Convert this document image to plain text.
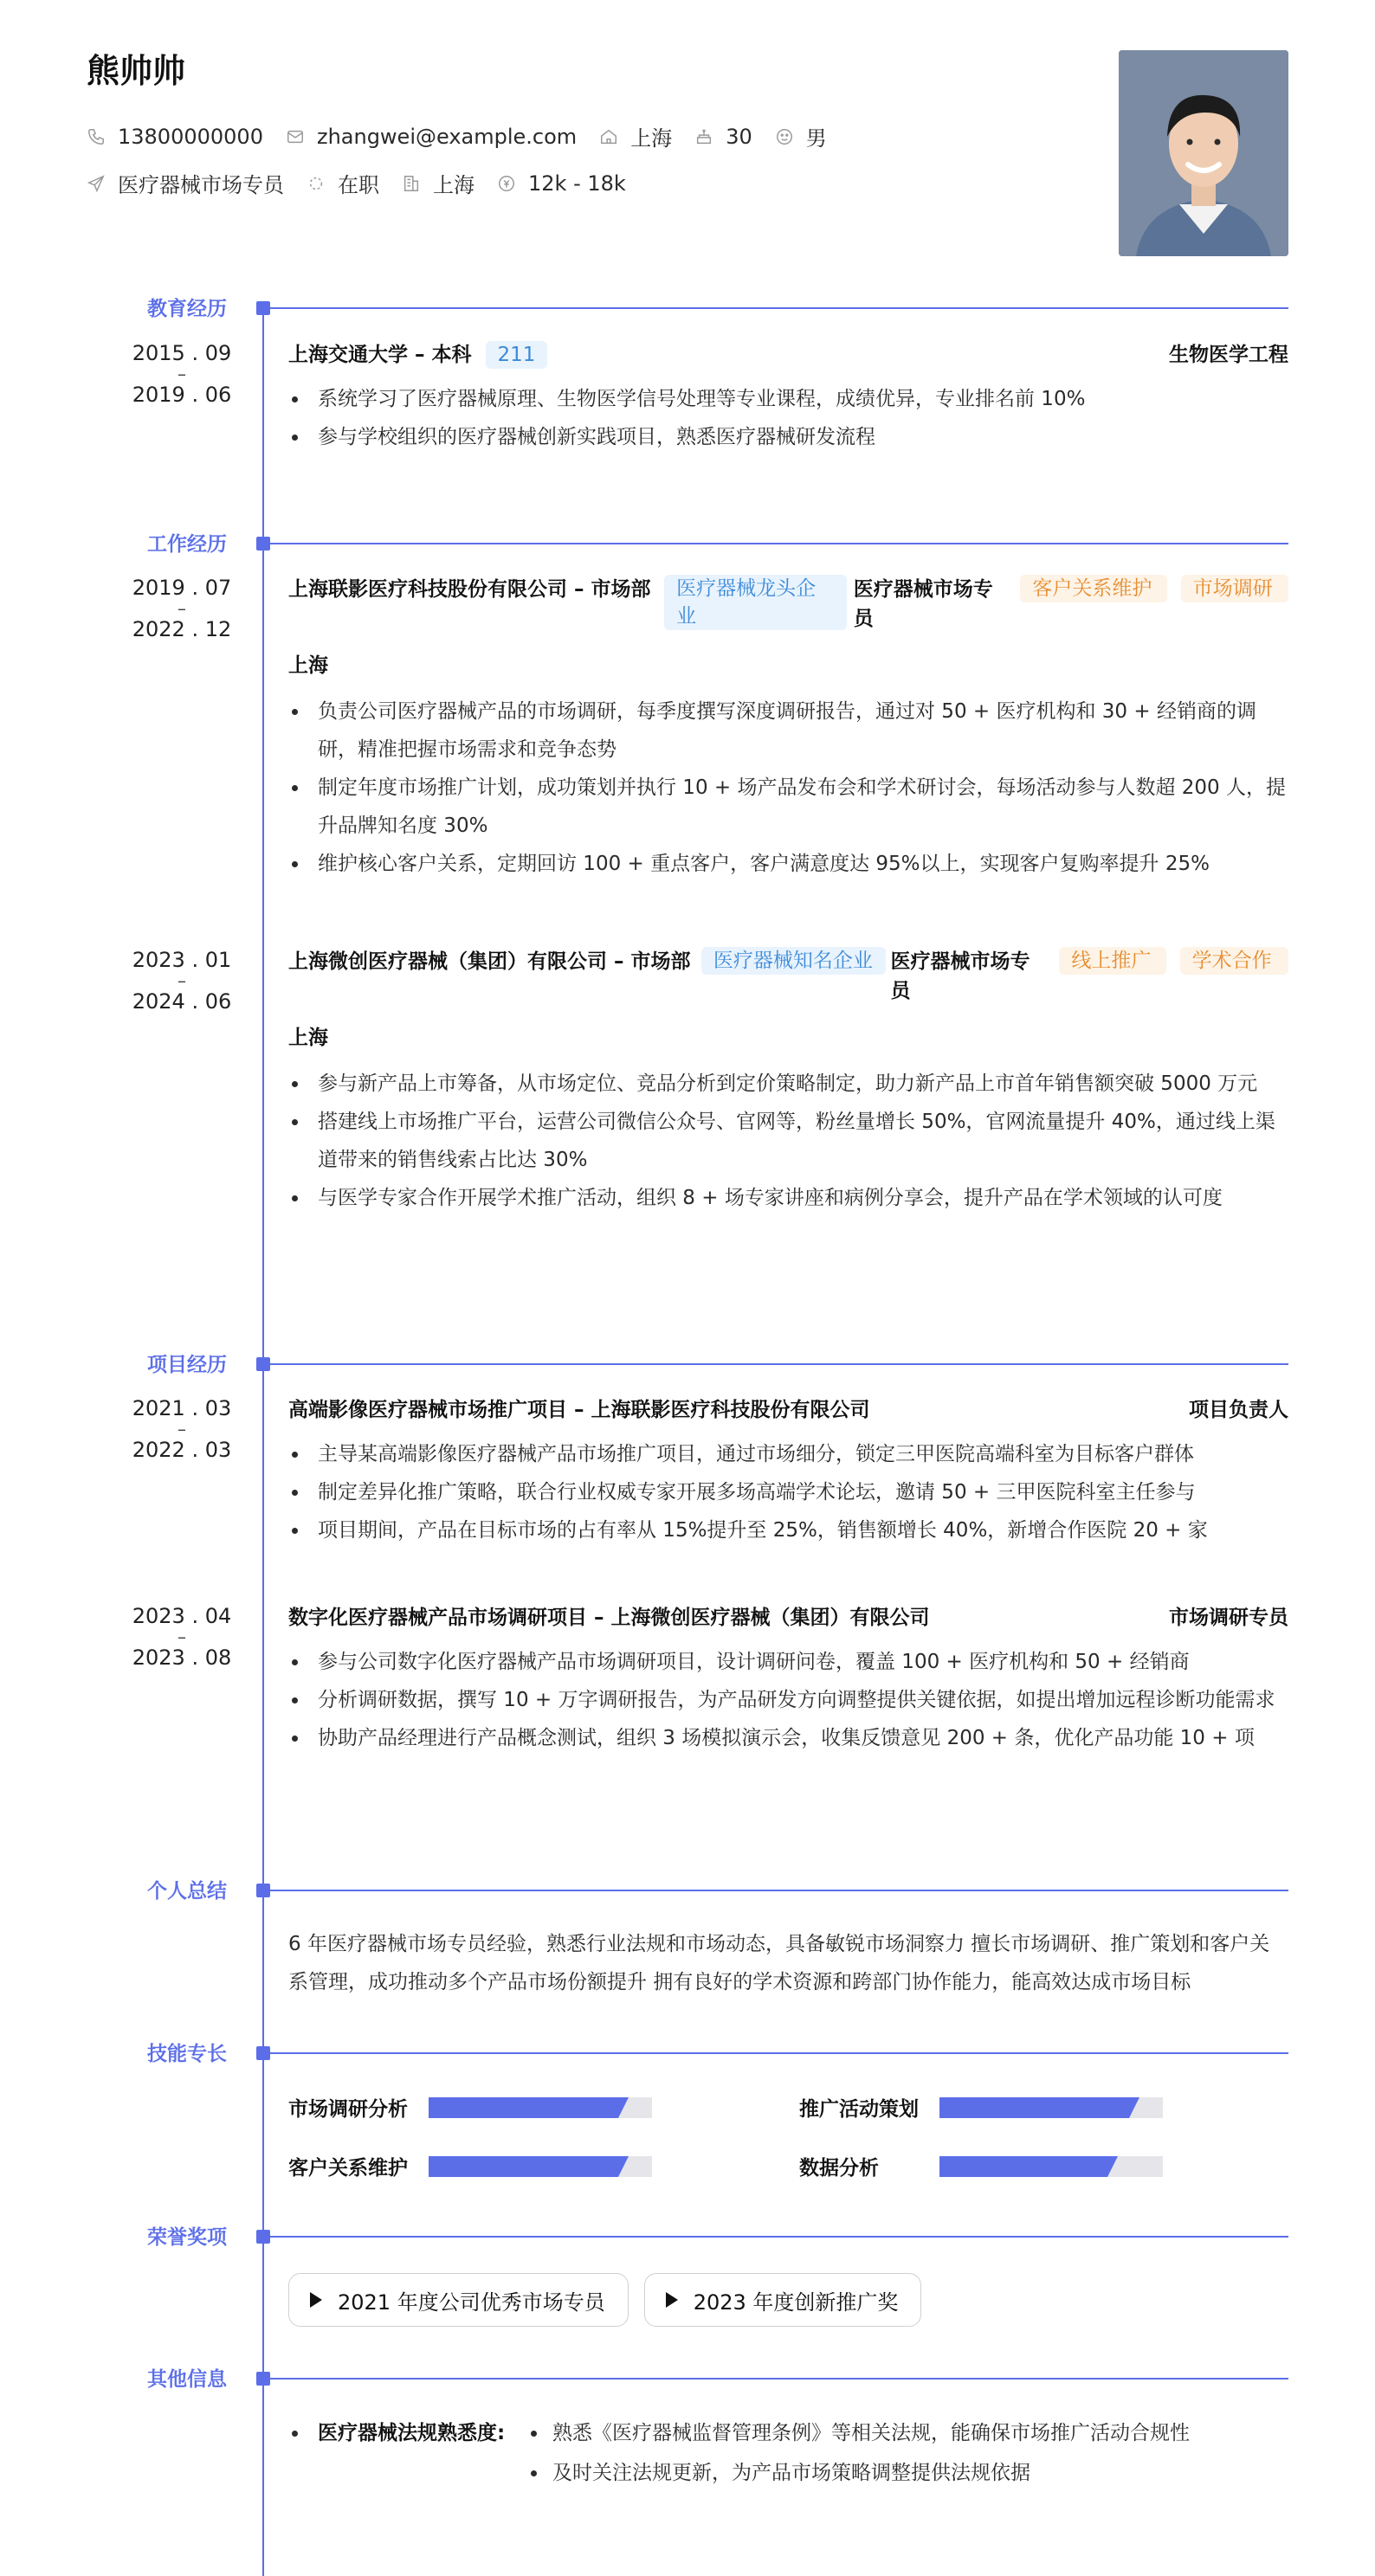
熊帅帅
13800000000	zhangwei@example.com	上海	30	男
医疗器械市场专员	在职	上海	12k - 18k
教育经历
2015 . 09
–
2019 . 06
上海交通大学 – 本科	211	生物医学工程
系统学习了医疗器械原理、生物医学信号处理等专业课程，成绩优异，专业排名前 10%
参与学校组织的医疗器械创新实践项目，熟悉医疗器械研发流程
工作经历
2019 . 07
–
2022 . 12
上海联影医疗科技股份有限公司 – 市场部	医疗器械龙头企业
医疗器械市场专员
客户关系维护	市场调研
上海
负责公司医疗器械产品的市场调研，每季度撰写深度调研报告，通过对 50 + 医疗机构和 30 + 经销商的调研，精准把握市场需求和竞争态势
制定年度市场推广计划，成功策划并执行 10 + 场产品发布会和学术研讨会，每场活动参与人数超 200 人，提升品牌知名度 30%
维护核心客户关系，定期回访 100 + 重点客户，客户满意度达 95%以上，实现客户复购率提升 25%
2023 . 01
–
2024 . 06
上海微创医疗器械（集团）有限公司 – 市场部	医疗器械知名企业 医疗器械市场专员
线上推广	学术合作
上海
参与新产品上市筹备，从市场定位、竞品分析到定价策略制定，助力新产品上市首年销售额突破 5000 万元
搭建线上市场推广平台，运营公司微信公众号、官网等，粉丝量增长 50%，官网流量提升 40%，通过线上渠道带来的销售线索占比达 30%
与医学专家合作开展学术推广活动，组织 8 + 场专家讲座和病例分享会，提升产品在学术领域的认可度
项目经历
2021 . 03
–
2022 . 03
高端影像医疗器械市场推广项目 – 上海联影医疗科技股份有限公司	项目负责人
主导某高端影像医疗器械产品市场推广项目，通过市场细分，锁定三甲医院高端科室为目标客户群体
制定差异化推广策略，联合行业权威专家开展多场高端学术论坛，邀请 50 + 三甲医院科室主任参与
项目期间，产品在目标市场的占有率从 15%提升至 25%，销售额增长 40%，新增合作医院 20 + 家
2023 . 04
–
2023 . 08
数字化医疗器械产品市场调研项目 – 上海微创医疗器械（集团）有限公司	市场调研专员
参与公司数字化医疗器械产品市场调研项目，设计调研问卷，覆盖 100 + 医疗机构和 50 + 经销商
分析调研数据，撰写 10 + 万字调研报告，为产品研发方向调整提供关键依据，如提出增加远程诊断功能需求
协助产品经理进行产品概念测试，组织 3 场模拟演示会，收集反馈意见 200 + 条，优化产品功能 10 + 项
个人总结

6 年医疗器械市场专员经验，熟悉行业法规和市场动态，具备敏锐市场洞察力 擅长市场调研、推广策划和客户关系管理，成功推动多个产品市场份额提升 拥有良好的学术资源和跨部门协作能力，能高效达成市场目标

技能专长
市场调研分析	推广活动策划
客户关系维护	数据分析
荣誉奖项
2021 年度公司优秀市场专员	2023 年度创新推广奖
其他信息
医疗器械法规熟悉度: 熟悉《医疗器械监督管理条例》等相关法规，能确保市场推广活动合规性
及时关注法规更新，为产品市场策略调整提供法规依据
